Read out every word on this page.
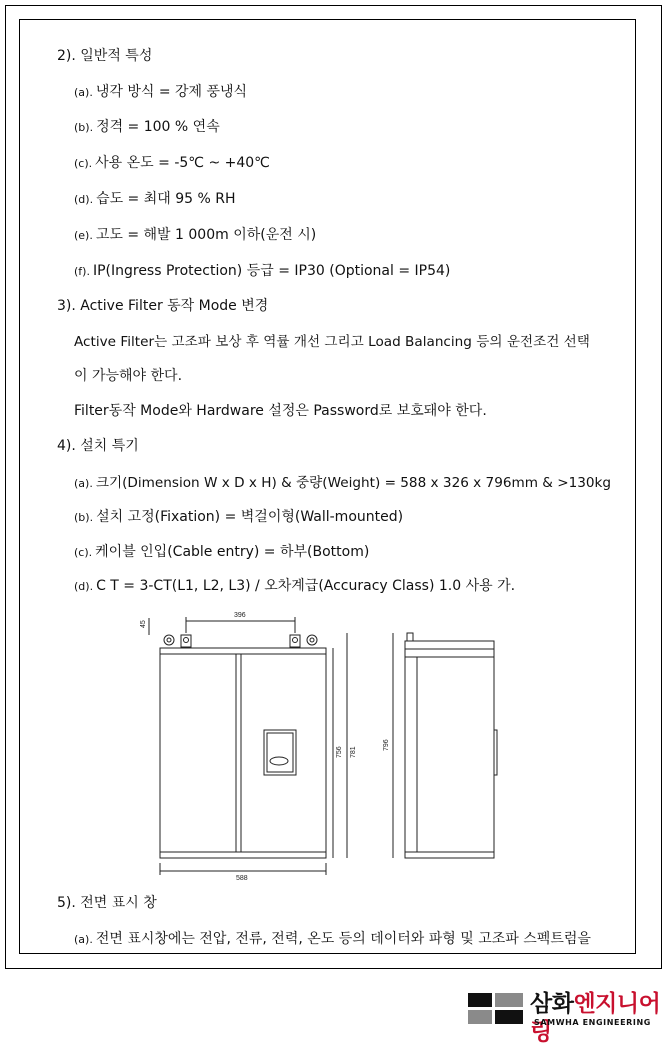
2). 일반적 특성
(a). 냉각 방식 = 강제 풍냉식
(b). 정격 = 100 % 연속
(c). 사용 온도 = -5℃ ~ +40℃
(d). 습도 = 최대 95 % RH
(e). 고도 = 해발 1 000m 이하(운전 시)
(f). IP(Ingress Protection) 등급 = IP30 (Optional = IP54)
3). Active Filter 동작 Mode 변경
Active Filter는 고조파 보상 후 역률 개선 그리고 Load Balancing 등의 운전조건 선택
이 가능해야 한다.
Filter동작 Mode와 Hardware 설정은 Password로 보호돼야 한다.
4). 설치 특기
(a). 크기(Dimension W x D x H) & 중량(Weight) = 588 x 326 x 796mm & >130kg
(b). 설치 고정(Fixation) = 벽걸이형(Wall-mounted)
(c). 케이블 인입(Cable entry) = 하부(Bottom)
(d). C T = 3-CT(L1, L2, L3) / 오차계급(Accuracy Class) 1.0 사용 가.
396
588
45
756 781
796
5). 전면 표시 창
(a). 전면 표시창에는 전압, 전류, 전력, 온도 등의 데이터와 파형 및 고조파 스펙트럼을
삼화엔지니어링
SAMWHA ENGINEERING
